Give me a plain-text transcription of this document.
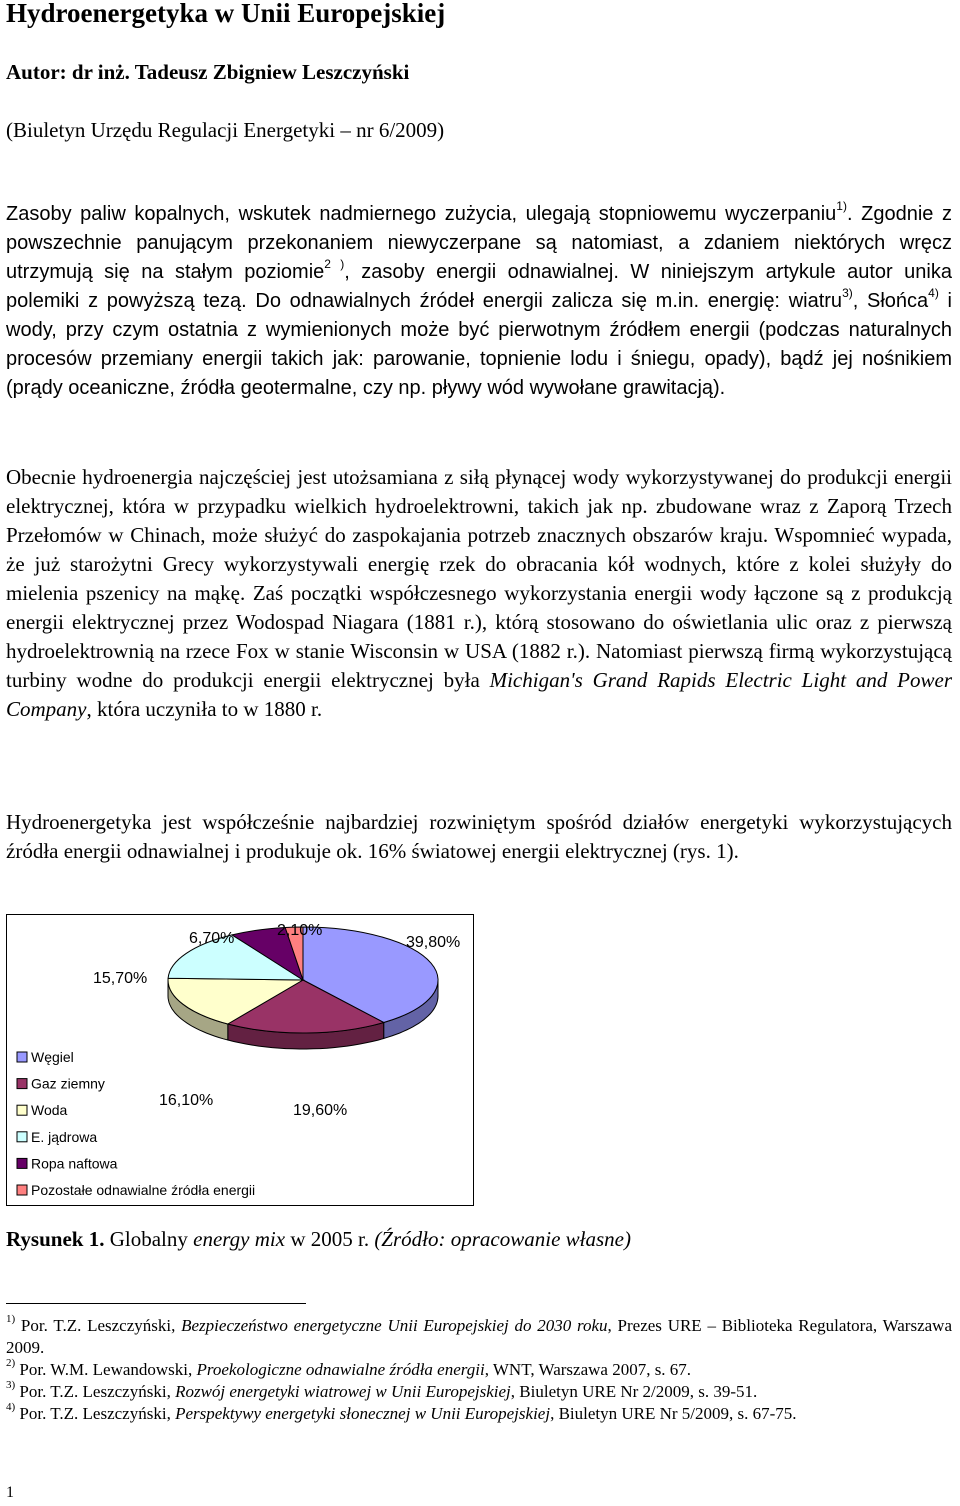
Hydroenergetyka w Unii Europejskiej
Autor: dr inż. Tadeusz Zbigniew Leszczyński
(Biuletyn Urzędu Regulacji Energetyki – nr 6/2009)

Zasoby paliw kopalnych, wskutek nadmiernego zużycia, ulegają stopniowemu wyczerpaniu$^{1)}$. Zgodnie z powszechnie panującym przekonaniem niewyczerpane są natomiast, a zdaniem niektórych wręcz utrzymują się na stałym poziomie$^{2 )}$, zasoby energii odnawialnej. W niniejszym artykule autor unika polemiki z powyższą tezą. Do odnawialnych źródeł energii zalicza się m.in. energię: wiatru$^{3)}$, Słońca$^{4)}$ i wody, przy czym ostatnia z wymienionych może być pierwotnym źródłem energii (podczas naturalnych procesów przemiany energii takich jak: parowanie, topnienie lodu i śniegu, opady), bądź jej nośnikiem (prądy oceaniczne, źródła geotermalne, czy np. pływy wód wywołane grawitacją).

Obecnie hydroenergia najczęściej jest utożsamiana z siłą płynącej wody wykorzystywanej do produkcji energii elektrycznej, która w przypadku wielkich hydroelektrowni, takich jak np. zbudowane wraz z Zaporą Trzech Przełomów w Chinach, może służyć do zaspokajania potrzeb znacznych obszarów kraju. Wspomnieć wypada, że już starożytni Grecy wykorzystywali energię rzek do obracania kół wodnych, które z kolei służyły do mielenia pszenicy na mąkę. Zaś początki współczesnego wykorzystania energii wody łączone są z produkcją energii elektrycznej przez Wodospad Niagara (1881 r.), którą stosowano do oświetlania ulic oraz z pierwszą hydroelektrownią na rzece Fox w stanie Wisconsin w USA (1882 r.). Natomiast pierwszą firmą wykorzystującą turbiny wodne do produkcji energii elektrycznej była Michigan's Grand Rapids Electric Light and Power Company, która uczyniła to w 1880 r.

Hydroenergetyka jest współcześnie najbardziej rozwiniętym spośród działów energetyki wykorzystujących źródła energii odnawialnej i produkuje ok. 16% światowej energii elektrycznej (rys. 1).

39,80%
19,60%
16,10%
15,70%
6,70%	2,10%
Węgiel
Gaz ziemny
Woda
E. jądrowa
Ropa naftowa
Pozostałe odnawialne źródła energii
Rysunek 1. Globalny energy mix w 2005 r. (Źródło: opracowanie własne)

$^{1)}$ Por. T.Z. Leszczyński, Bezpieczeństwo energetyczne Unii Europejskiej do 2030 roku, Prezes URE – Biblioteka Regulatora, Warszawa 2009.

$^{2)}$ Por. W.M. Lewandowski, Proekologiczne odnawialne źródła energii, WNT, Warszawa 2007, s. 67.

$^{3)}$ Por. T.Z. Leszczyński, Rozwój energetyki wiatrowej w Unii Europejskiej, Biuletyn URE Nr 2/2009, s. 39-51.

$^{4)}$ Por. T.Z. Leszczyński, Perspektywy energetyki słonecznej w Unii Europejskiej, Biuletyn URE Nr 5/2009, s. 67-75.

1
